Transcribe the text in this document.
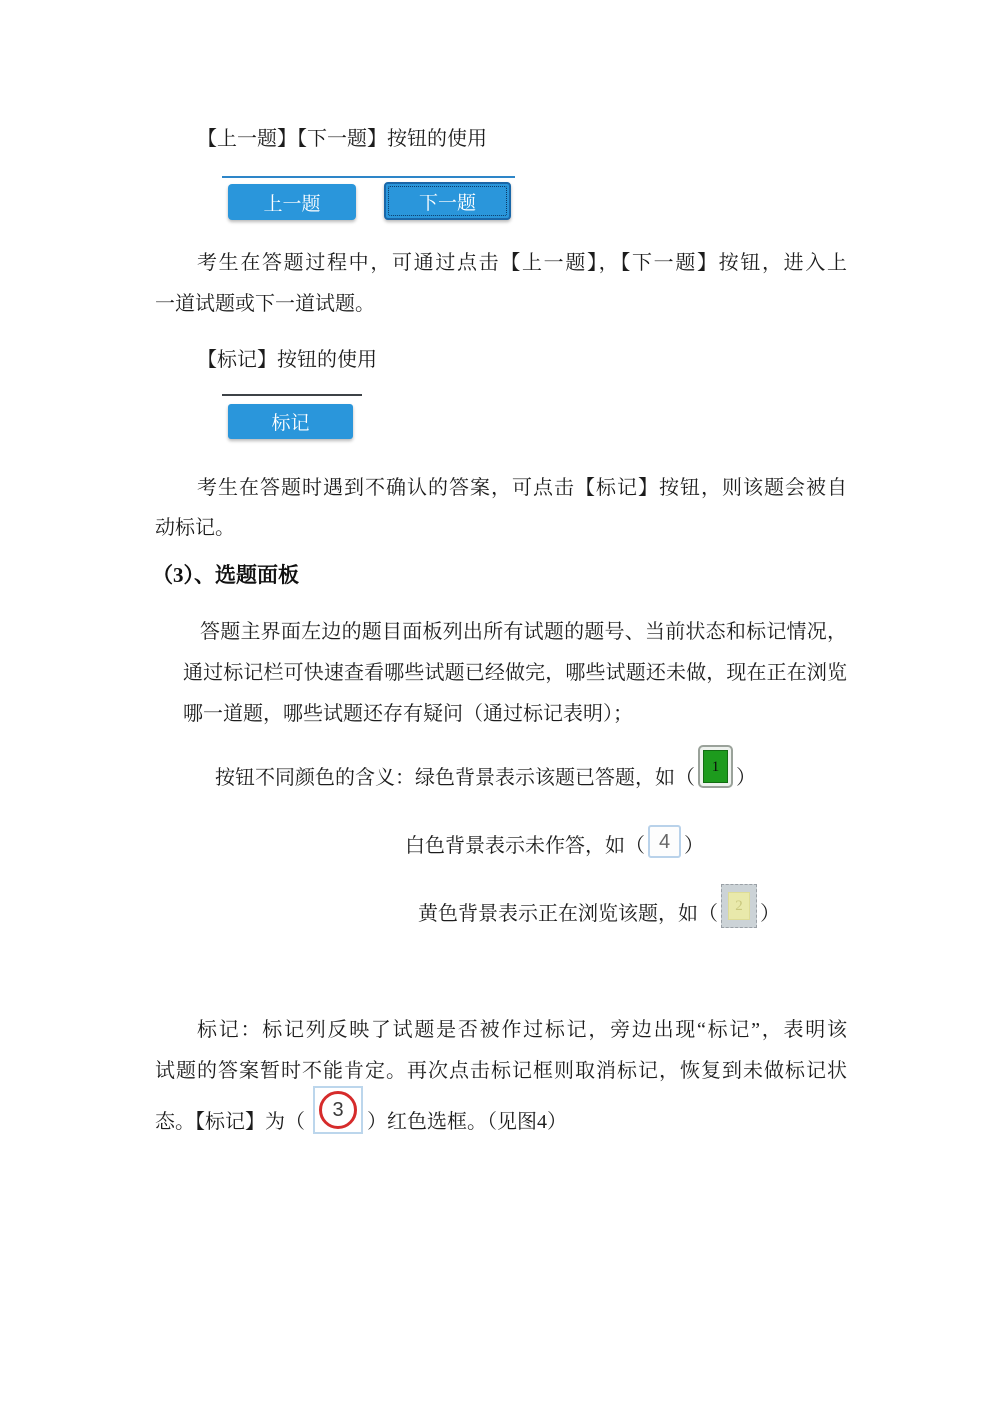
【上一题】【下一题】按钮的使用
上一题	下一题
考生在答题过程中，可通过点击【上一题】，【下一题】按钮，进入上
一道试题或下一道试题。
【标记】按钮的使用
标记
考生在答题时遇到不确认的答案，可点击【标记】按钮，则该题会被自
动标记。
（3）、选题面板
答题主界面左边的题目面板列出所有试题的题号、当前状态和标记情况，
通过标记栏可快速查看哪些试题已经做完，哪些试题还未做，现在正在浏览
哪一道题，哪些试题还存有疑问（通过标记表明）；
按钮不同颜色的含义：绿色背景表示该题已答题，如（
1
）
白色背景表示未作答，如（ 4 ）
黄色背景表示正在浏览该题，如（	2 ）
标记：标记列反映了试题是否被作过标记，旁边出现“标记”，表明该
试题的答案暂时不能肯定。再次点击标记框则取消标记，恢复到未做标记状
态。【标记】为（
3
）红色选框。（见图4）
